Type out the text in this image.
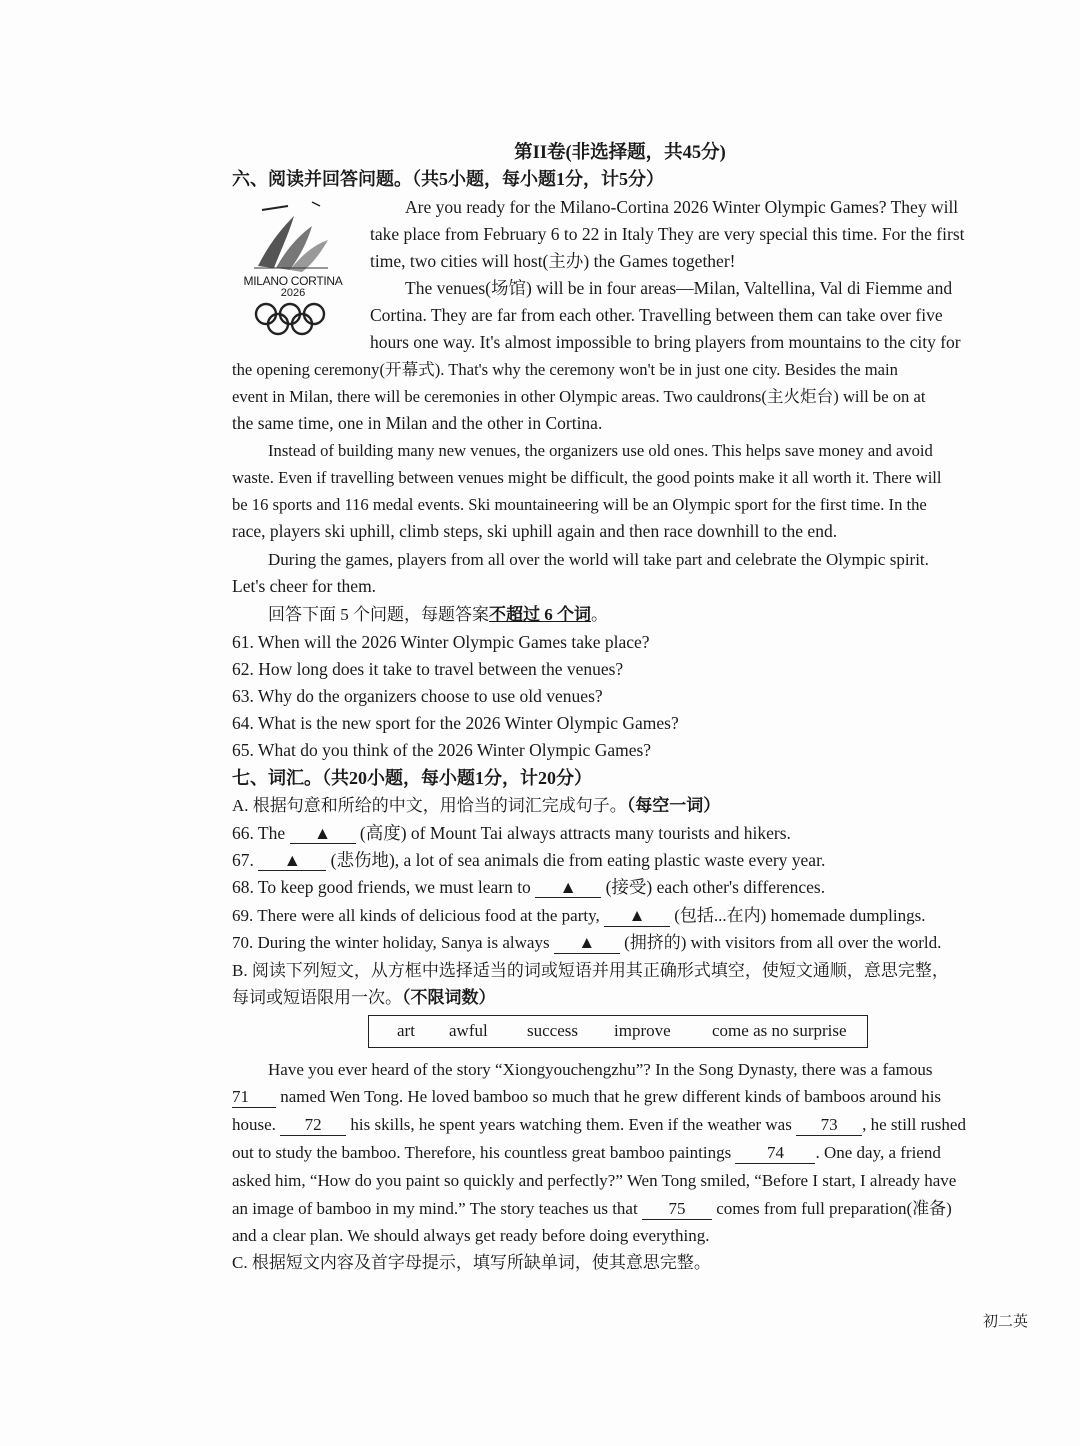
第II卷(非选择题，共45分)
六、阅读并回答问题。（共5小题，每小题1分，计5分）
MILANO CORTINA
2026
Are you ready for the Milano-Cortina 2026 Winter Olympic Games? They will
take place from February 6 to 22 in Italy They are very special this time. For the first
time, two cities will host(主办) the Games together!
The venues(场馆) will be in four areas—Milan, Valtellina, Val di Fiemme and
Cortina. They are far from each other. Travelling between them can take over five
hours one way. It's almost impossible to bring players from mountains to the city for
the opening ceremony(开幕式). That's why the ceremony won't be in just one city. Besides the main
event in Milan, there will be ceremonies in other Olympic areas. Two cauldrons(主火炬台) will be on at
the same time, one in Milan and the other in Cortina.
Instead of building many new venues, the organizers use old ones. This helps save money and avoid
waste. Even if travelling between venues might be difficult, the good points make it all worth it. There will
be 16 sports and 116 medal events. Ski mountaineering will be an Olympic sport for the first time. In the
race, players ski uphill, climb steps, ski uphill again and then race downhill to the end.
During the games, players from all over the world will take part and celebrate the Olympic spirit.
Let's cheer for them.
回答下面 5 个问题，每题答案不超过 6 个词。
61. When will the 2026 Winter Olympic Games take place?
62. How long does it take to travel between the venues?
63. Why do the organizers choose to use old venues?
64. What is the new sport for the 2026 Winter Olympic Games?
65. What do you think of the 2026 Winter Olympic Games?
七、词汇。（共20小题，每小题1分，计20分）
A. 根据句意和所给的中文，用恰当的词汇完成句子。（每空一词）
66. The ▲ (高度) of Mount Tai always attracts many tourists and hikers.
67. ▲ (悲伤地), a lot of sea animals die from eating plastic waste every year.
68. To keep good friends, we must learn to ▲ (接受) each other's differences.
69. There were all kinds of delicious food at the party, ▲ (包括...在内) homemade dumplings.
70. During the winter holiday, Sanya is always ▲ (拥挤的) with visitors from all over the world.
B. 阅读下列短文，从方框中选择适当的词或短语并用其正确形式填空，使短文通顺，意思完整，
每词或短语限用一次。（不限词数）
art awful success improve come as no surprise
Have you ever heard of the story “Xiongyouchengzhu”? In the Song Dynasty, there was a famous
71 named Wen Tong. He loved bamboo so much that he grew different kinds of bamboos around his
house. 72 his skills, he spent years watching them. Even if the weather was 73 , he still rushed
out to study the bamboo. Therefore, his countless great bamboo paintings 74 . One day, a friend
asked him, “How do you paint so quickly and perfectly?” Wen Tong smiled, “Before I start, I already have
an image of bamboo in my mind.” The story teaches us that 75 comes from full preparation(准备)
and a clear plan. We should always get ready before doing everything.
C. 根据短文内容及首字母提示，填写所缺单词，使其意思完整。
初二英
